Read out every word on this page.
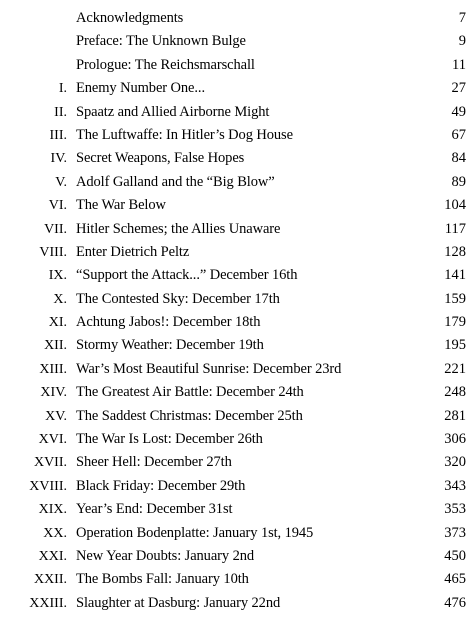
Acknowledgments	7
Preface: The Unknown Bulge	9
Prologue: The Reichsmarschall	11
I. Enemy Number One...	27
II. Spaatz and Allied Airborne Might	49
III. The Luftwaffe: In Hitler’s Dog House	67
IV. Secret Weapons, False Hopes	84
V. Adolf Galland and the “Big Blow”	89
VI. The War Below	104
VII. Hitler Schemes; the Allies Unaware	117
VIII. Enter Dietrich Peltz	128
IX. “Support the Attack...” December 16th	141
X. The Contested Sky: December 17th	159
XI. Achtung Jabos!: December 18th	179
XII. Stormy Weather: December 19th	195
XIII. War’s Most Beautiful Sunrise: December 23rd	221
XIV. The Greatest Air Battle: December 24th	248
XV. The Saddest Christmas: December 25th	281
XVI. The War Is Lost: December 26th	306
XVII. Sheer Hell: December 27th	320
XVIII. Black Friday: December 29th	343
XIX. Year’s End: December 31st	353
XX. Operation Bodenplatte: January 1st, 1945	373
XXI. New Year Doubts: January 2nd	450
XXII. The Bombs Fall: January 10th	465
XXIII. Slaughter at Dasburg: January 22nd	476
